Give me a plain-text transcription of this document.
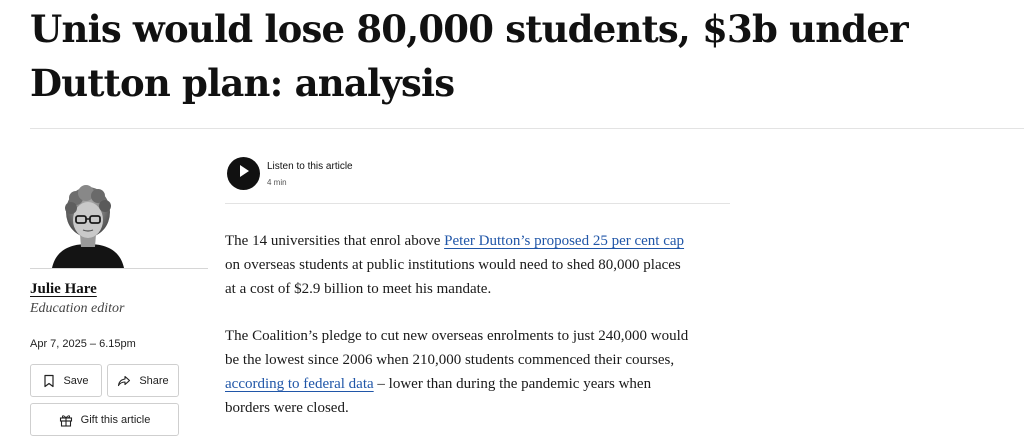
Unis would lose 80,000 students, $3b under Dutton plan: analysis
Julie Hare
Education editor
Apr 7, 2025 – 6.15pm
Save	Share
Gift this article
Listen to this article
4 min
The 14 universities that enrol above Peter Dutton’s proposed 25 per cent cap
on overseas students at public institutions would need to shed 80,000 places
at a cost of $2.9 billion to meet his mandate.
The Coalition’s pledge to cut new overseas enrolments to just 240,000 would
be the lowest since 2006 when 210,000 students commenced their courses,
according to federal data – lower than during the pandemic years when
borders were closed.
